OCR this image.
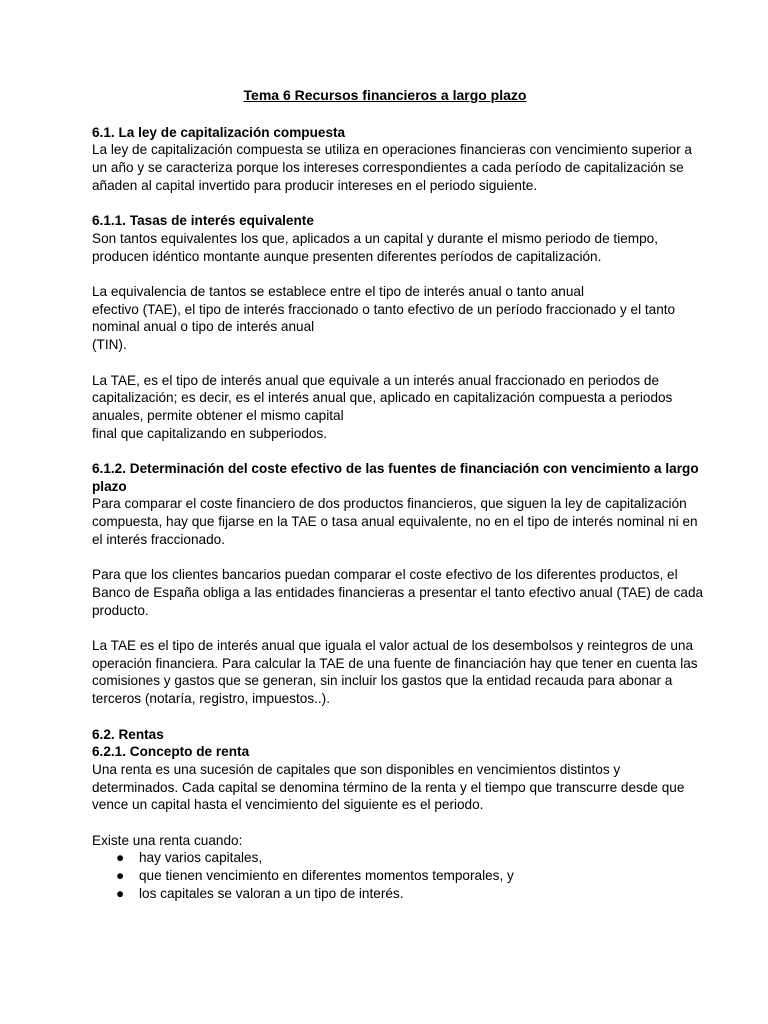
Tema 6 Recursos financieros a largo plazo
6.1. La ley de capitalización compuesta

La ley de capitalización compuesta se utiliza en operaciones financieras con vencimiento superior a un año y se caracteriza porque los intereses correspondientes a cada período de capitalización se añaden al capital invertido para producir intereses en el periodo siguiente.

6.1.1. Tasas de interés equivalente

Son tantos equivalentes los que, aplicados a un capital y durante el mismo periodo de tiempo, producen idéntico montante aunque presenten diferentes períodos de capitalización.

La equivalencia de tantos se establece entre el tipo de interés anual o tanto anual

efectivo (TAE), el tipo de interés fraccionado o tanto efectivo de un período fraccionado y el tanto nominal anual o tipo de interés anual

(TIN).

La TAE, es el tipo de interés anual que equivale a un interés anual fraccionado en periodos de capitalización; es decir, es el interés anual que, aplicado en capitalización compuesta a periodos anuales, permite obtener el mismo capital

final que capitalizando en subperiodos.

6.1.2. Determinación del coste efectivo de las fuentes de financiación con vencimiento a largo plazo

Para comparar el coste financiero de dos productos financieros, que siguen la ley de capitalización compuesta, hay que fijarse en la TAE o tasa anual equivalente, no en el tipo de interés nominal ni en el interés fraccionado.

Para que los clientes bancarios puedan comparar el coste efectivo de los diferentes productos, el Banco de España obliga a las entidades financieras a presentar el tanto efectivo anual (TAE) de cada producto.

La TAE es el tipo de interés anual que iguala el valor actual de los desembolsos y reintegros de una operación financiera. Para calcular la TAE de una fuente de financiación hay que tener en cuenta las comisiones y gastos que se generan, sin incluir los gastos que la entidad recauda para abonar a terceros (notaría, registro, impuestos..).

6.2. Rentas
6.2.1. Concepto de renta

Una renta es una sucesión de capitales que son disponibles en vencimientos distintos y determinados. Cada capital se denomina término de la renta y el tiempo que transcurre desde que vence un capital hasta el vencimiento del siguiente es el periodo.

Existe una renta cuando:

● hay varios capitales,
● que tienen vencimiento en diferentes momentos temporales, y
● los capitales se valoran a un tipo de interés.
